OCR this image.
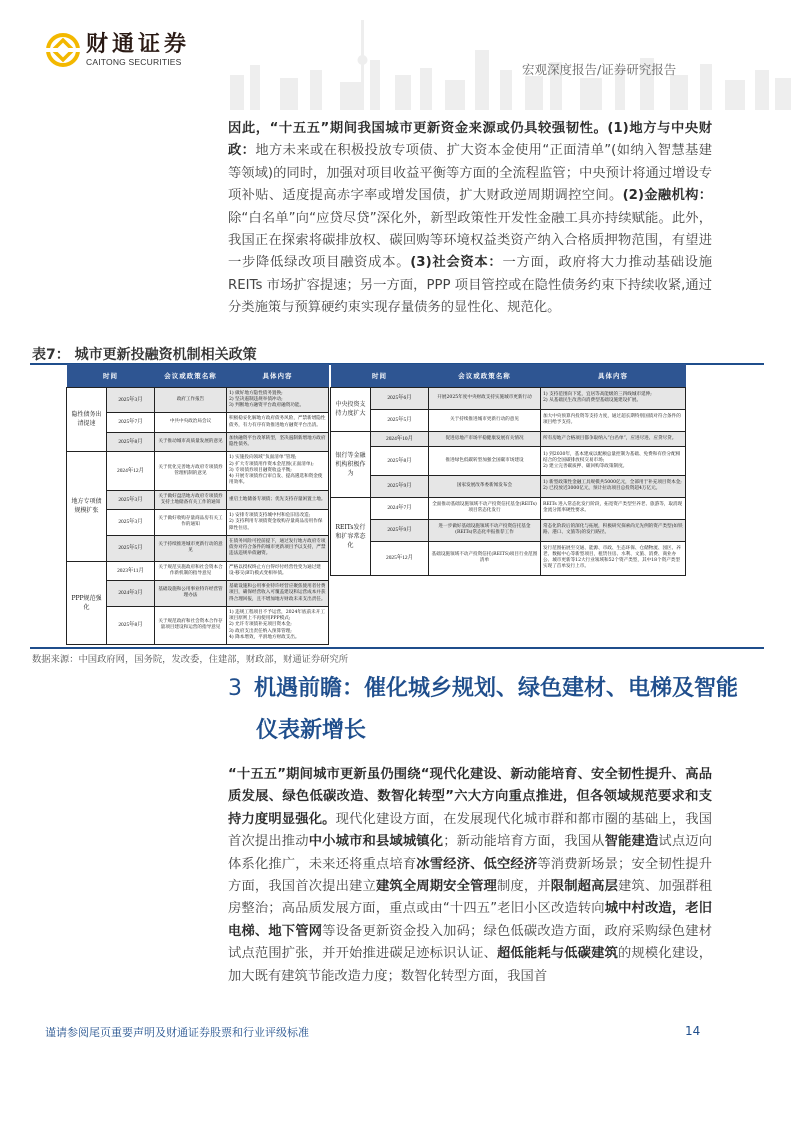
财通证券
CAITONG SECURITIES	宏观深度报告/证券研究报告
因此，“十五五”期间我国城市更新资金来源或仍具较强韧性。(1)地方与中央财政：地方未来或在积极投放专项债、扩大资本金使用“正面清单”(如纳入智慧基建等领域)的同时，加强对项目收益平衡等方面的全流程监管；中央预计将通过增设专项补贴、适度提高赤字率或增发国债，扩大财政逆周期调控空间。(2)金融机构：除“白名单”向“应贷尽贷”深化外，新型政策性开发性金融工具亦持续赋能。此外，我国正在探索将碳排放权、碳回购等环境权益类资产纳入合格质押物范围，有望进一步降低绿改项目融资成本。(3)社会资本：一方面，政府将大力推动基础设施 REITs 市场扩容提速；另一方面，PPP 项目管控或在隐性债务约束下持续收紧,通过分类施策与预算硬约束实现存量债务的显性化、规范化。
表7： 城市更新投融资机制相关政策
时间		会议或政策名称	具体内容
隐性债务出清提速	2025年3月	政府工作报告	1) 做好地方隐性债务置换;
2) 坚决遏制违规举债冲动;
3) 判断地方融资平台政府融资功能。
	2025年7月	中共中央政治局会议	积极稳妥化解地方政府债务风险，严禁新增隐性债务，有力有序有效推进地方融资平台出清。
	2025年8月	关于推动城市高质量发展的意见	加快融资平台改革转型，坚决遏制新增地方政府隐性债务。
地方专项债规模扩张	2024年12月	关于优化完善地方政府专项债券管理机制的意见	1) 实施投向领域“负面清单”管理;
2) 扩大专项债用作资本金范围(正面清单);
3) 专项债券项目融资收益平衡;
4) 开展专项债券自审自发、提高遴选和资金使用效率。
	2025年3月	关于做好盘活地方政府专项债券支持土地储备有关工作的通知	重启土地储备专项债；优先支持存量闲置土地。
	2025年3月	关于做好收购存量商品房有关工作的通知	1) 安排专项债支持城中村和危旧房改造;
2) 支持利用专项债资金收购存量商品房用作保障性住房。
	2025年5月	关于持续推进城市更新行动的意见	在债务风险可控前提下，通过发行地方政府专项债券对符合条件的城市更新项目予以支持，严禁违法违规举债融资。
PPP规范强化	2023年11月	关于规范实施政府和社会资本合作新机制的指导意见	严格以授权终止方白得纾付经营性变为通过建设-移交(BT)模式变相举债。
	2024年3月	基础设施和公用事业特许经营管理办法	基础设施和公用事业特许经营应聚焦使用者付费项目，确保经营收入可覆盖建设和运营成本并获得合理回报，且不增加地方财政未来支出责任。
	2025年8月	关于规范政府和社会资本合作存量项目建设和运营的指导意见	1) 违规工程项目不予运营，2024年底前未开工项目原则上不再使用PPP模式;
2) 允许专项债补充项目资本金;
3) 政府支出责任纳入预算管理;
4) 降本增效，平滑地方财政支出。
时间		会议或政策名称	具体内容
中央投资支持力度扩大	2025年6月	开展2025年度中央财政支持实施城市更新行动	1) 支持范围向下延，宜居等高能级的三四线城市延伸;
2) 从基础民生改善向消费型基础设施建设扩展。
	2025年5月	关于持续推进城市更新行动的意见	加大中央预算内投资等支持力度，通过超长期特别国债对符合条件的项目给予支持。
银行等金融机构积极作为	2024年10月	促进房地产市场平稳健康发展有关情况	所有房地产合格项目都争取纳入“白名单”，应进尽进、应贷尽贷。
	2025年8月	推进绿色低碳转型加强全国碳市场建设	1) 到2030年，基本建成以配额总量控制为基础、免费和有偿分配相结合的全国碳排放权交易市场;
2) 建立完善碳质押、碳回购等政策制度。
	2025年9月	国家发展改革委新闻发布会	1) 新型政策性金融工具规模共5000亿元，全部用于补充项目资本金;
2) 已投放近3000亿元，预计拉动项目总投资超4万亿元。
REITs发行和扩容常态化	2024年7月	全面推动基础设施领域不动产投资信托基金(REITs)项目常态化发行	REITs 进入常态化发行阶段，拓宽资产类型至养老、旅游等，取消现金流分派率硬性要求。
	2025年9月	进一步做好基础设施领域不动产投资信托基金(REITs)常态化申报推荐工作	常态化阶段后的深化与拓展，积极研究探索尚无先例的资产类型(如铁路、港口、文旅等)的发行路径。
	2025年12月	基础设施领域不动产投资信托(REITS)项目行业范围清单	发行范围拓展至交通、能源、市政、生态环保、仓储物流、园区、养老、数据中心等新型项目，租赁住房、水利、文旅、消费、商业办公、城市更新等12大行业领域和52个资产类型，其中18个资产类型实现了首单发行上市。
数据来源：中国政府网，国务院，发改委，住建部，财政部，财通证券研究所
3 机遇前瞻：催化城乡规划、绿色建材、电梯及智能
仪表新增长
“十五五”期间城市更新虽仍围绕“现代化建设、新动能培育、安全韧性提升、高品质发展、绿色低碳改造、数智化转型”六大方向重点推进，但各领域规范要求和支持力度明显强化。现代化建设方面，在发展现代化城市群和都市圈的基础上，我国首次提出推动中小城市和县域城镇化；新动能培育方面，我国从智能建造试点迈向体系化推广，未来还将重点培育冰雪经济、低空经济等消费新场景；安全韧性提升方面，我国首次提出建立建筑全周期安全管理制度，并限制超高层建筑、加强群租房整治；高品质发展方面，重点或由“十四五”老旧小区改造转向城中村改造，老旧电梯、地下管网等设备更新资金投入加码；绿色低碳改造方面，政府采购绿色建材试点范围扩张，并开始推进碳足迹标识认证、超低能耗与低碳建筑的规模化建设，加大既有建筑节能改造力度；数智化转型方面，我国首
谨请参阅尾页重要声明及财通证券股票和行业评级标准	14
